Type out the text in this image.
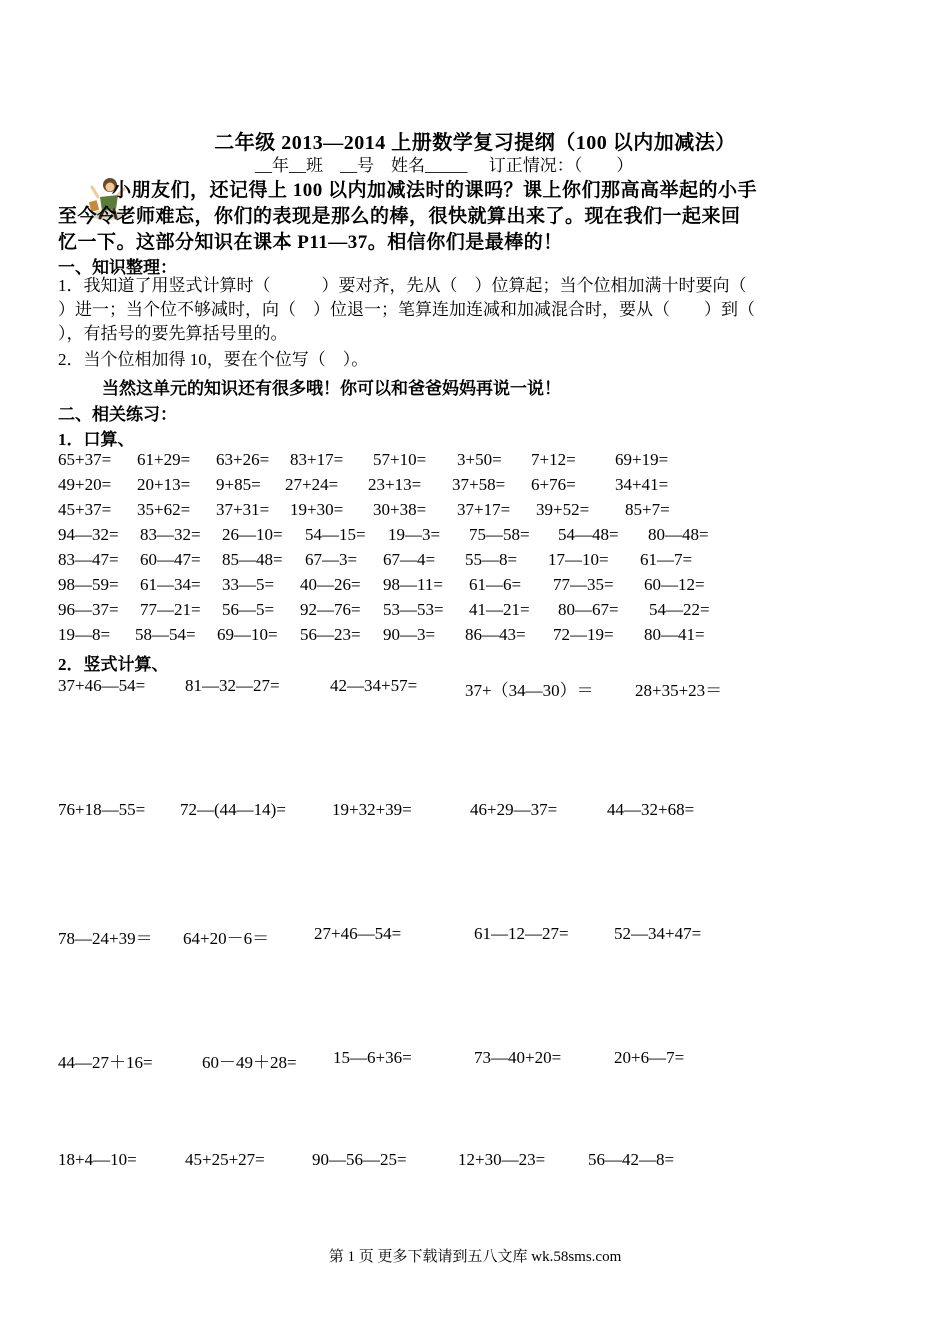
二年级 2013—2014 上册数学复习提纲（100 以内加减法）
__年__班　__号　姓名_____　 订正情况：（　　）
小朋友们，还记得上 100 以内加减法时的课吗？课上你们那高高举起的小手
至今令老师难忘，你们的表现是那么的棒，很快就算出来了。现在我们一起来回
忆一下。这部分知识在课本 P11—37。相信你们是最棒的！
一、知识整理：
1．我知道了用竖式计算时（　　　）要对齐，先从（　）位算起；当个位相加满十时要向（
）进一；当个位不够减时，向（　）位退一；笔算连加连减和加减混合时，要从（　　）到（
），有括号的要先算括号里的。
2．当个位相加得 10，要在个位写（　）。
当然这单元的知识还有很多哦！你可以和爸爸妈妈再说一说！
二、相关练习：
1．口算、
65+37= 61+29= 63+26= 83+17= 57+10= 3+50= 7+12= 69+19=
49+20= 20+13= 9+85= 27+24= 23+13= 37+58= 6+76= 34+41=
45+37= 35+62= 37+31= 19+30= 30+38= 37+17= 39+52= 85+7=
94—32= 83—32= 26—10= 54—15= 19—3= 75—58= 54—48= 80—48=
83—47= 60—47= 85—48= 67—3= 67—4= 55—8= 17—10= 61—7=
98—59= 61—34= 33—5= 40—26= 98—11= 61—6= 77—35= 60—12=
96—37= 77—21= 56—5= 92—76= 53—53= 41—21= 80—67= 54—22=
19—8= 58—54= 69—10= 56—23= 90—3= 86—43= 72—19= 80—41=
2．竖式计算、
37+46—54= 81—32—27=	42—34+57=	37+（34—30）＝ 28+35+23＝
76+18—55= 72—(44—14)=	19+32+39=	46+29—37=	44—32+68=
78—24+39＝ 64+20－6＝	27+46—54=	61—12—27=	52—34+47=
44—27＋16=	60－49＋28= 15—6+36=	73—40+20=	20+6—7=
18+4—10=	45+25+27=	90—56—25=	12+30—23=	56—42—8=
第 1 页 更多下载请到五八文库 wk.58sms.com
